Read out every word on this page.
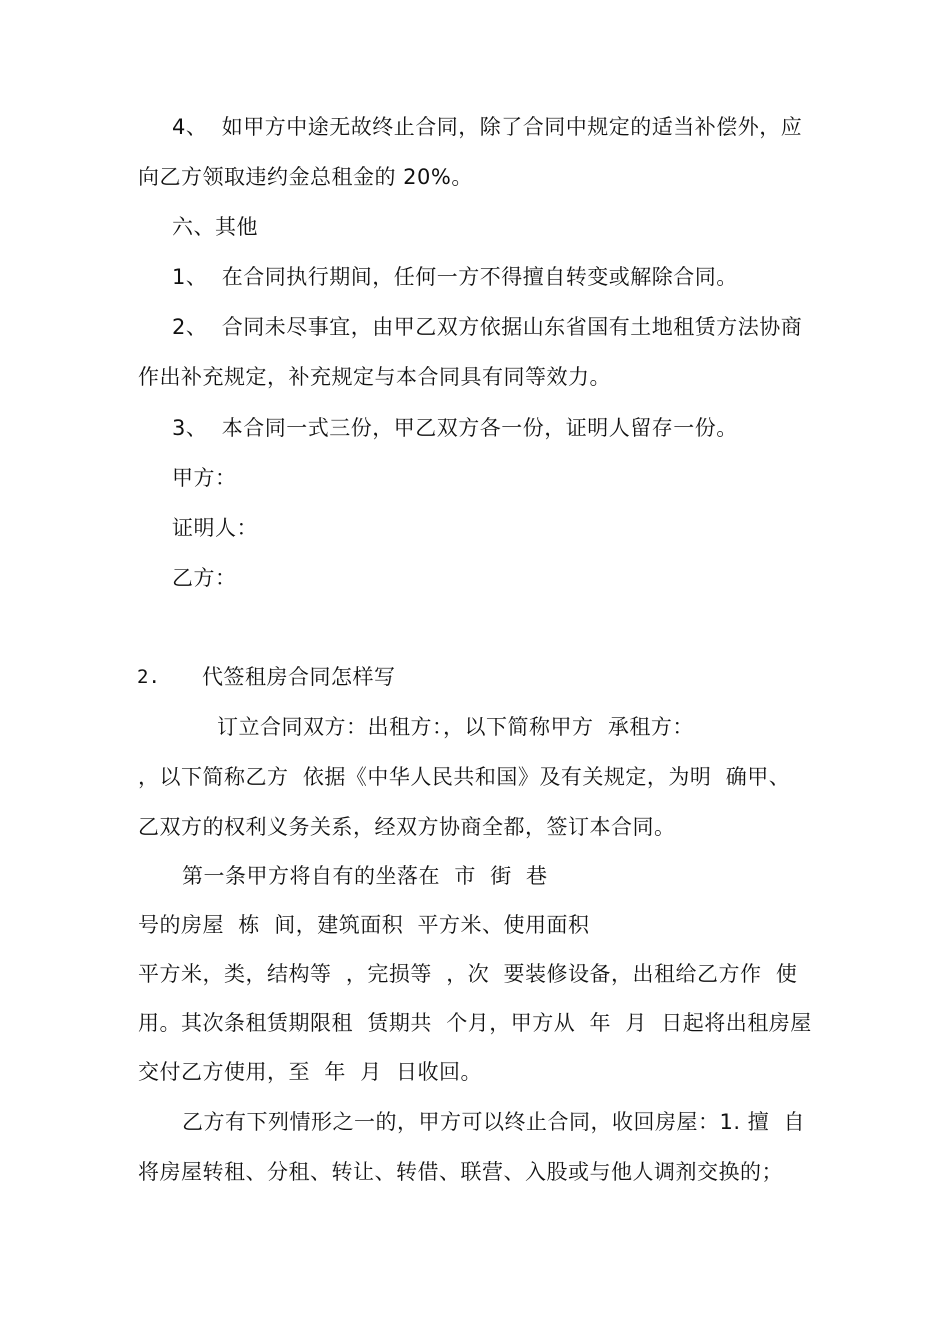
4、  如甲方中途无故终止合同，除了合同中规定的适当补偿外，应
向乙方领取违约金总租金的 20%。
六、其他
1、  在合同执行期间，任何一方不得擅自转变或解除合同。
2、  合同未尽事宜，由甲乙双方依据山东省国有土地租赁方法协商
作出补充规定，补充规定与本合同具有同等效力。
3、  本合同一式三份，甲乙双方各一份，证明人留存一份。
甲方：
证明人：
乙方：
2. 代签租房合同怎样写
订立合同双方：出租方：，以下简称甲方  承租方：
，以下简称乙方  依据《中华人民共和国》及有关规定，为明  确甲、
乙双方的权利义务关系，经双方协商全都，签订本合同。
第一条甲方将自有的坐落在  市  街  巷
号的房屋  栋  间，建筑面积  平方米、使用面积
平方米，类，结构等  ，完损等  ，次  要装修设备，出租给乙方作  使
用。其次条租赁期限租  赁期共  个月，甲方从  年  月  日起将出租房屋
交付乙方使用，至  年  月  日收回。
乙方有下列情形之一的，甲方可以终止合同，收回房屋：1. 擅  自
将房屋转租、分租、转让、转借、联营、入股或与他人调剂交换的；
